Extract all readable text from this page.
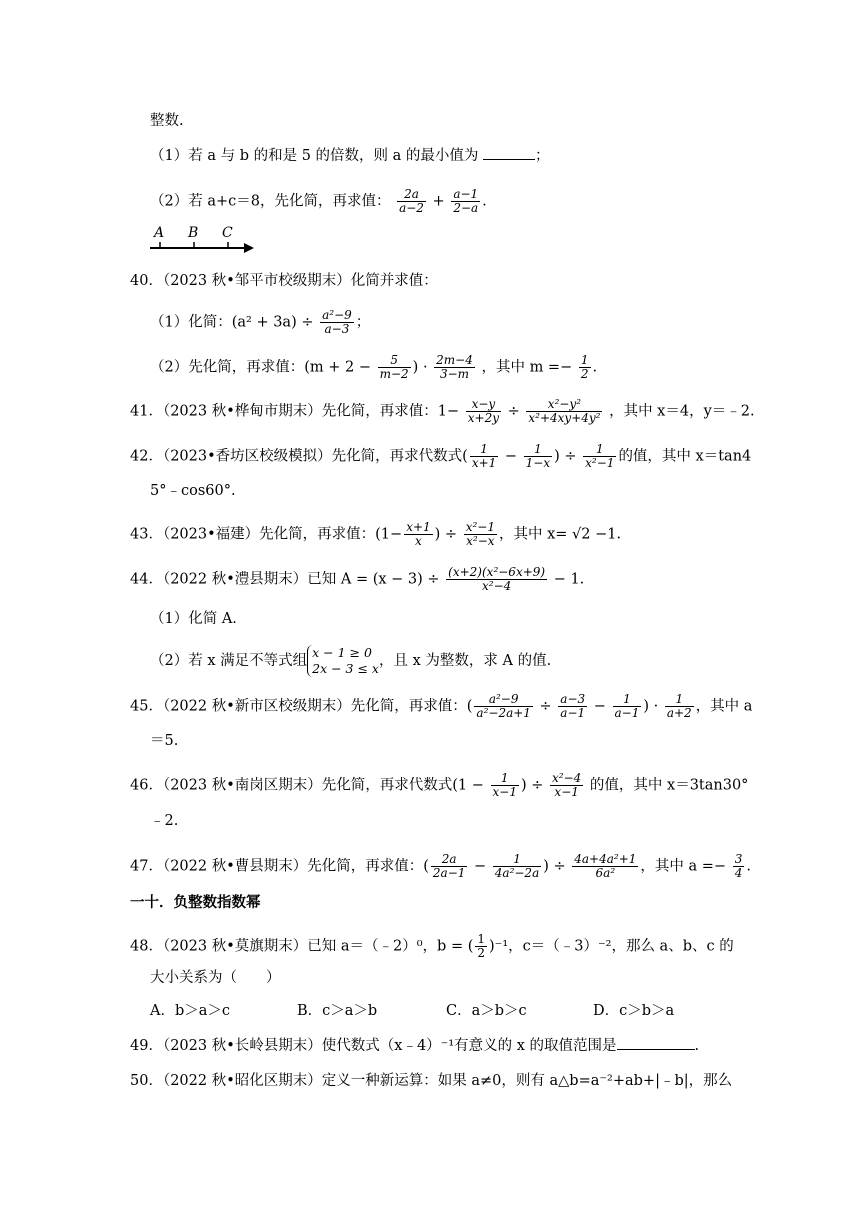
整数.
（1）若 a 与 b 的和是 5 的倍数，则 a 的最小值为	；
（2）若 a+c＝8，先化简，再求值： $\frac{2a}{a-2} + \frac{a-1}{2-a}$ .
A B C
40．（2023 秋•邹平市校级期末）化简并求值：
（1）化简：$(a^2 + 3a) \div \frac{\text{a²−9}}{a-3}$ ；
（2）先化简，再求值：($m + 2 - \frac{5}{m-2}$ ) · $\frac{2m-4}{3-m}$ ，其中 $m =- \frac{1}{2}$ .
41．（2023 秋•桦甸市期末）先化简，再求值：$1- \frac{x-y}{x+2y} \div \frac{\text{x²−y²}}{\text{x²+4xy+4y²}}$ ，其中 x＝4，y＝﹣2.
42．（2023•香坊区校级模拟）先化简，再求代数式( $\frac{1}{x+1} - \frac{1}{1-x}$ ) ÷ $\frac{1}{\text{x²−1}}$ 的值，其中 x＝tan4
5°﹣cos60°.
43．（2023•福建）先化简，再求值：($1- \frac{x+1}{x}$ ) ÷ $\frac{\text{x²−1}}{\text{x²−x}}$ ，其中 x= √2 −1.
44．（2022 秋•澧县期末）已知 $A = (x - 3) \div \frac{\text{(x+2)(x²−6x+9)}}{\text{x²−4}} - 1$.
（1）化简 A.
（2）若 x 满足不等式组
x − 1 ≥ 0
2x − 3 ≤ x ，且 x 为整数，求 A 的值.
45．（2022 秋•新市区校级期末）先化简，再求值：( $\frac{\text{a²−9}}{\text{a²−2a+1}} \div \frac{a-3}{a-1} - \frac{1}{a-1}$ ) · $\frac{1}{a+2}$ ，其中 a
＝5.
46．（2023 秋•南岗区期末）先化简，再求代数式($1 - \frac{1}{x-1}$ ) ÷ $\frac{\text{x²−4}}{x-1}$ 的值，其中 x＝3tan30°
﹣2.
47．（2022 秋•曹县期末）先化简，再求值：( $\frac{2a}{2a-1} - \frac{1}{\text{4a²−2a}}$ ) ÷ $\frac{\text{4a+4a²+1}}{\text{6a²}}$ ，其中 $a =- \frac{3}{4}$ .
一十．负整数指数幂
48．（2023 秋•莫旗期末）已知 a＝（﹣2）⁰，b = ( $\frac{1}{2} )^{-1}$，c＝（﹣3）⁻²，那么 a、b、c 的
大小关系为（　　）
A．b＞a＞c	B．c＞a＞b	C．a＞b＞c	D．c＞b＞a
49．（2023 秋•长岭县期末）使代数式（x﹣4）⁻¹有意义的 x 的取值范围是	.
50．（2022 秋•昭化区期末）定义一种新运算：如果 a≠0，则有 a△b=a⁻²+ab+|﹣b|，那么
